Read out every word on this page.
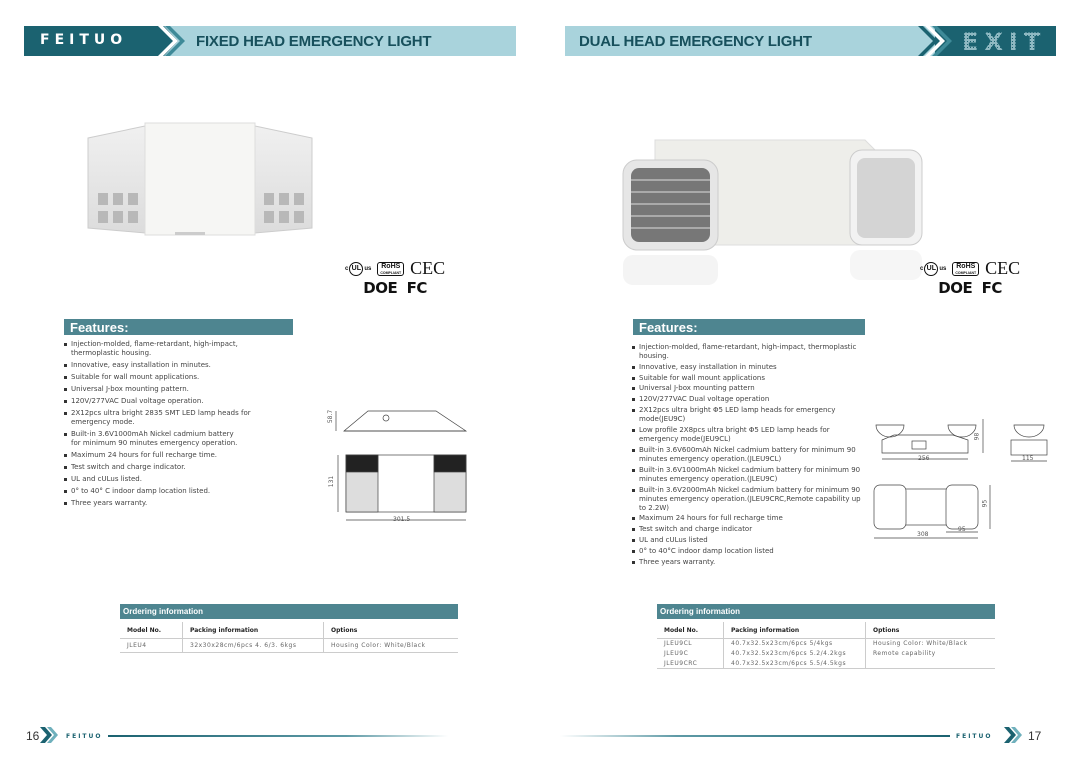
FEITUO	FIXED HEAD EMERGENCY LIGHT
c UL us	RoHS
COMPLIANT CEC
DOE FC
Features:
Injection-molded, flame-retardant, high-impact, thermoplastic housing.
Innovative, easy installation in minutes.
Suitable for wall mount applications.
Universal J-box mounting pattern.
120V/277VAC Dual voltage operation.
2X12pcs ultra bright 2835 SMT LED lamp heads for emergency mode.
Built-in 3.6V1000mAh Nickel cadmium battery for minimum 90 minutes emergency operation.
Maximum 24 hours for full recharge time.
Test switch and charge indicator.
UL and cULus listed.
0° to 40° C indoor damp location listed.
Three years warranty.
58.7
131
301.5
Ordering information
Model No.	Packing information	Options
JLEU4	32x30x28cm/6pcs 4. 6/3. 6kgs	Housing Color: White/Black
16	FEITUO
DUAL HEAD EMERGENCY LIGHT	EXIT
c UL us	RoHS
COMPLIANT CEC
DOE FC
Features:
Injection-molded, flame-retardant, high-impact, thermoplastic housing.
Innovative, easy installation in minutes
Suitable for wall mount applications
Universal J-box mounting pattern
120V/277VAC Dual voltage operation
2X12pcs ultra bright Φ5 LED lamp heads for emergency mode(JEU9C)
Low profile 2X8pcs ultra bright Φ5 LED lamp heads for emergency mode(JEU9CL)
Built-in 3.6V600mAh Nickel cadmium battery for minimum 90 minutes emergency operation.(JLEU9CL)
Built-in 3.6V1000mAh Nickel cadmium battery for minimum 90 minutes emergency operation.(JLEU9C)
Built-in 3.6V2000mAh Nickel cadmium battery for minimum 90 minutes emergency operation.(JLEU9CRC,Remote capability up to 2.2W)
Maximum 24 hours for full recharge time
Test switch and charge indicator
UL and cULus listed
0° to 40°C indoor damp location listed
Three years warranty.
256
98
115
95
95
308
Ordering information
Model No.	Packing information	Options
JLEU9CL	40.7x32.5x23cm/6pcs 5/4kgs	Housing Color: White/Black
JLEU9C	40.7x32.5x23cm/6pcs 5.2/4.2kgs	Remote capability
JLEU9CRC	40.7x32.5x23cm/6pcs 5.5/4.5kgs	
FEITUO	17
